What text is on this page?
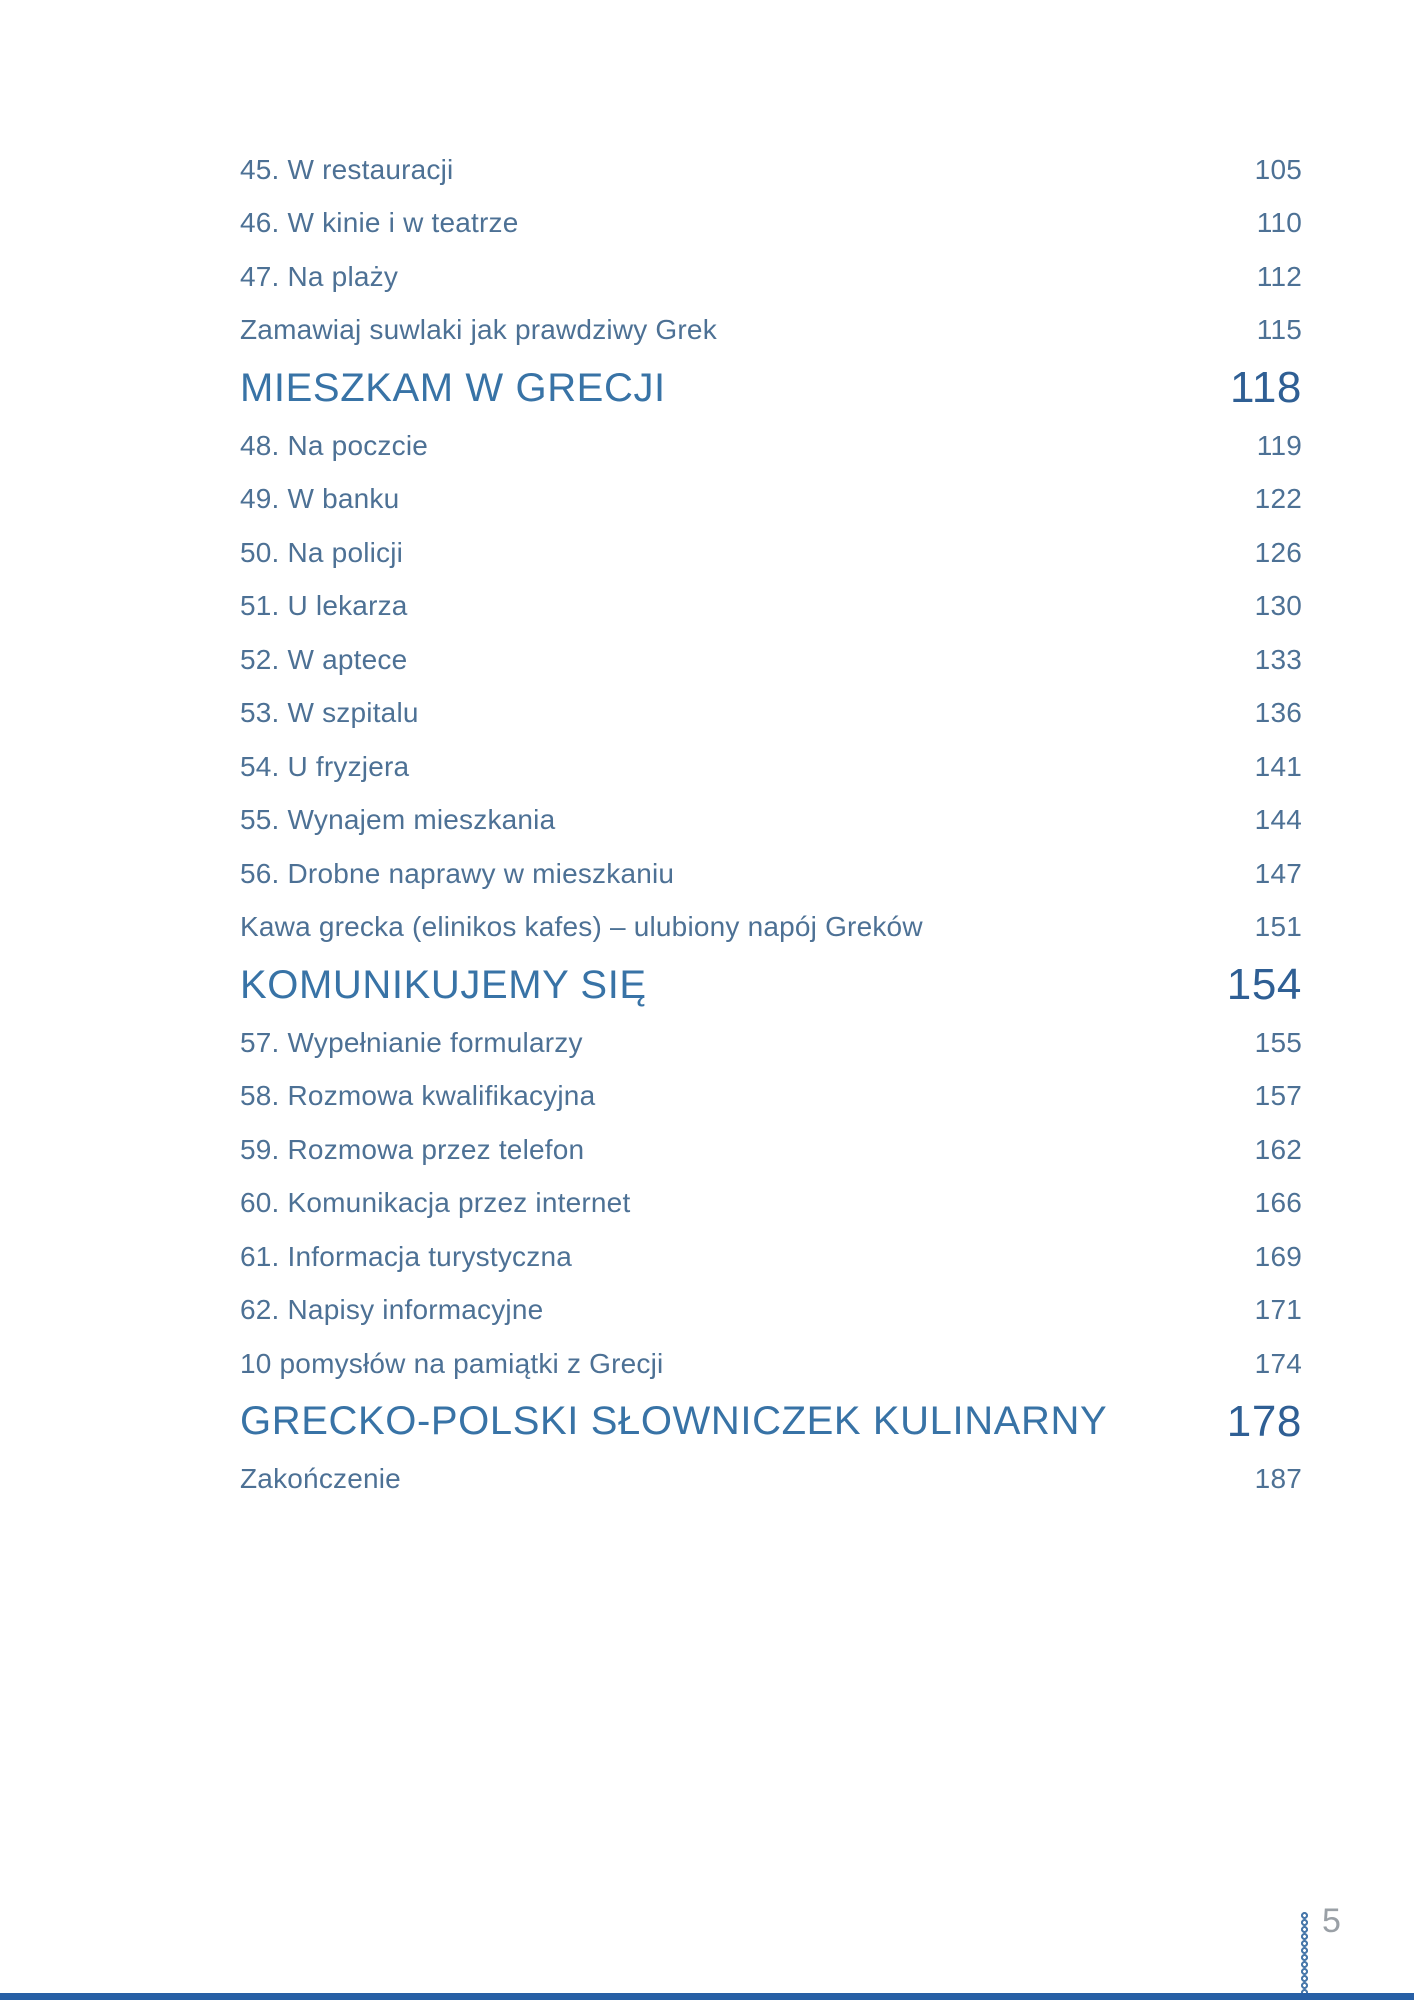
45. W restauracji	105
46. W kinie i w teatrze	110
47. Na plaży	112
Zamawiaj suwlaki jak prawdziwy Grek	115
MIESZKAM W GRECJI	118
48. Na poczcie	119
49. W banku	122
50. Na policji	126
51. U lekarza	130
52. W aptece	133
53. W szpitalu	136
54. U fryzjera	141
55. Wynajem mieszkania	144
56. Drobne naprawy w mieszkaniu	147
Kawa grecka (elinikos kafes) – ulubiony napój Greków	151
KOMUNIKUJEMY SIĘ	154
57. Wypełnianie formularzy	155
58. Rozmowa kwalifikacyjna	157
59. Rozmowa przez telefon	162
60. Komunikacja przez internet	166
61. Informacja turystyczna	169
62. Napisy informacyjne	171
10 pomysłów na pamiątki z Grecji	174
GRECKO-POLSKI SŁOWNICZEK KULINARNY	178
Zakończenie	187
5
